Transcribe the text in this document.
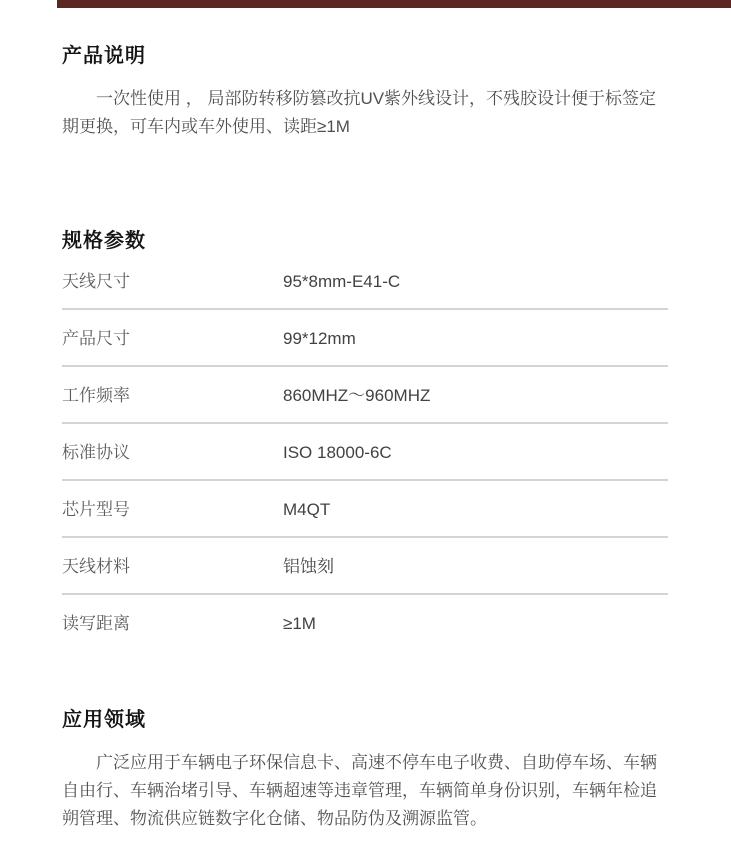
产品说明

一次性使用 ， 局部防转移防篡改抗UV紫外线设计，不残胶设计便于标签定期更换，可车内或车外使用、读距≥1M

规格参数
天线尺寸	95*8mm-E41-C
产品尺寸	99*12mm
工作频率	860MHZ～960MHZ
标准协议	ISO 18000-6C
芯片型号	M4QT
天线材料	铝蚀刻
读写距离	≥1M
应用领域

广泛应用于车辆电子环保信息卡、高速不停车电子收费、自助停车场、车辆自由行、车辆治堵引导、车辆超速等违章管理，车辆简单身份识别，车辆年检追朔管理、物流供应链数字化仓储、物品防伪及溯源监管。
